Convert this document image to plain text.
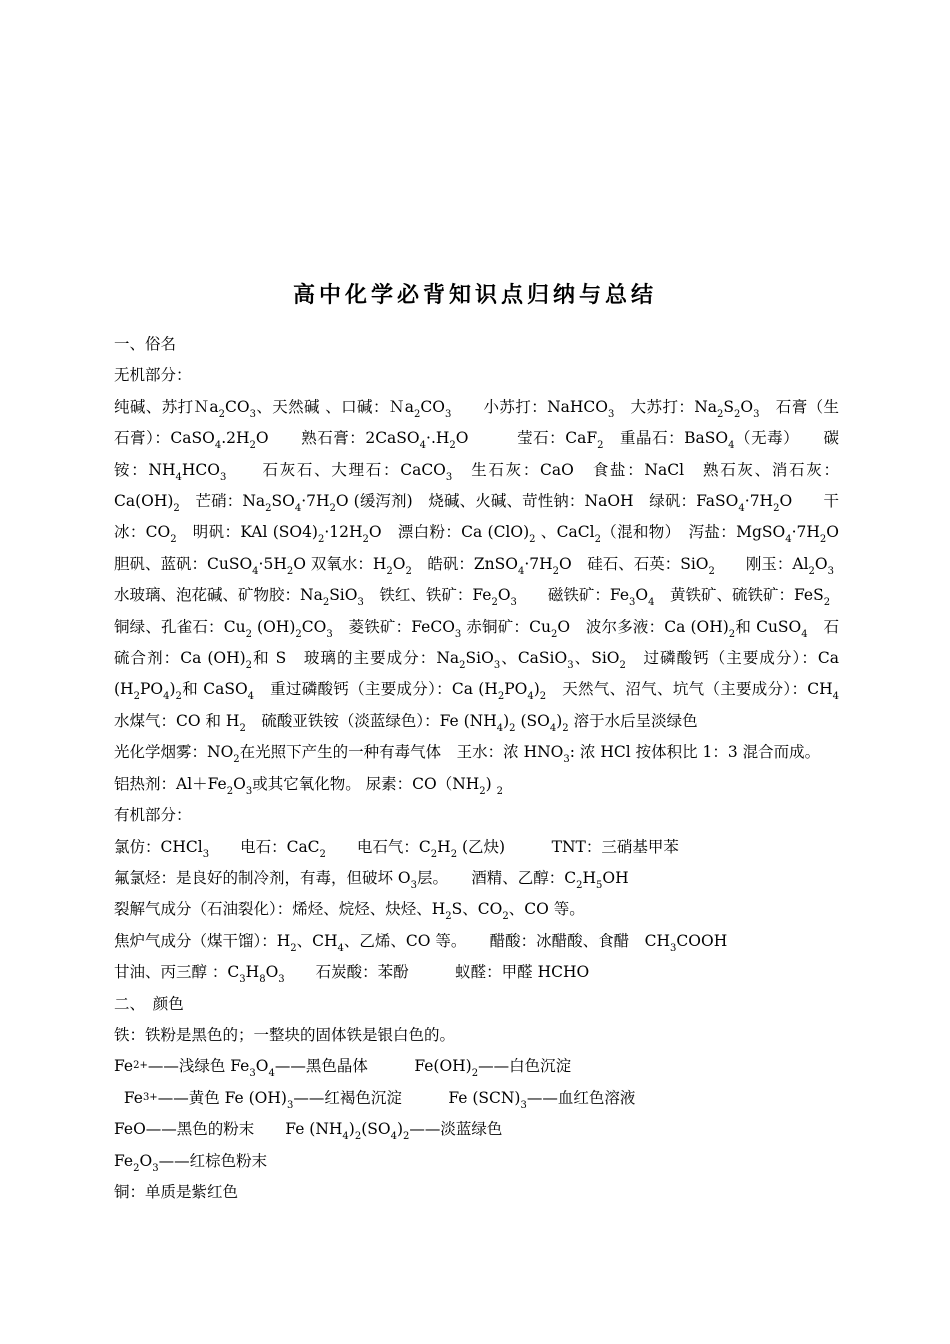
高中化学必背知识点归纳与总结

一、俗名

无机部分：

纯碱、苏打$Na_2CO_3$、天然碱 、口碱：$Na_2CO_3$　　小苏打：NaHCO$_3$　大苏打：$Na_2S_2O_3$　石膏（生石膏）：$CaSO_4.2H_2O$　　熟石膏：$2CaSO_4\cdot.H_2O$　　　莹石：CaF$_2$　重晶石：BaSO$_4$（无毒）　　碳铵：$NH_4HCO_3$　　石灰石、大理石：CaCO$_3$　生石灰：CaO　食盐：NaCl　熟石灰、消石灰：$Ca(OH)_2$　芒硝：$Na_2SO_4\cdot 7H_2O$ (缓泻剂)　烧碱、火碱、苛性钠：NaOH　绿矾：$FaSO_4\cdot 7H_2O$　　干冰：$CO_2$　明矾：KAl $(SO4)_2\cdot 12H_2O$　漂白粉：Ca $(ClO)_2$ 、CaCl$_2$（混和物）　泻盐：$MgSO_4\cdot 7H_2O$　　胆矾、蓝矾：$CuSO_4\cdot 5H_2O$ 双氧水：$H_2O_2$　皓矾：$ZnSO_4\cdot 7H_2O$　硅石、石英：SiO$_2$　　刚玉：$Al_2O_3$　水玻璃、泡花碱、矿物胶：$Na_2SiO_3$　铁红、铁矿：$Fe_2O_3$　　磁铁矿：$Fe_3O_4$　黄铁矿、硫铁矿：FeS$_2$　铜绿、孔雀石：$Cu_2$ $(OH)_2CO_3$　菱铁矿：FeCO$_3$ 赤铜矿：$Cu_2O$　波尔多液：Ca $(OH)_2$和 CuSO$_4$　石硫合剂：Ca $(OH)_2$和 S　玻璃的主要成分：$Na_2SiO_3$、CaSiO$_3$、SiO$_2$　过磷酸钙（主要成分）：Ca $(H_2PO_4)_2$和 CaSO$_4$　重过磷酸钙（主要成分）：Ca $(H_2PO_4)_2$　天然气、沼气、坑气（主要成分）：$CH_4$ 水煤气：CO 和 $H_2$　硫酸亚铁铵（淡蓝绿色）：Fe $(NH_4)_2$ $(SO_4)_2$ 溶于水后呈淡绿色

光化学烟雾：$NO_2$在光照下产生的一种有毒气体　王水：浓 $HNO_3$: 浓 HCl 按体积比 1：3 混合而成。

铝热剂：$Al+Fe_2O_3$或其它氧化物。 尿素：$CO(NH_2)$ $_2$

有机部分：

氯仿：CHCl$_3$　　电石：CaC$_2$　　电石气：$C_2H_2$ (乙炔)　　　TNT：三硝基甲苯

氟氯烃：是良好的制冷剂，有毒，但破坏 $O_3$层。　　酒精、乙醇：$C_2H_5OH$

裂解气成分（石油裂化）：烯烃、烷烃、炔烃、$H_2S$、$CO_2$、CO 等。

焦炉气成分（煤干馏）：$H_2$、$CH_4$、乙烯、CO 等。　　醋酸：冰醋酸、食醋　$CH_3COOH$

甘油、丙三醇 ：$C_3H_8O_3$　　石炭酸：苯酚　　　蚁醛：甲醛 HCHO

二、　颜色

铁：铁粉是黑色的；一整块的固体铁是银白色的。

$Fe^{2+}——$浅绿色 $Fe_3O_4——$黑色晶体　　　$Fe(OH)_2——$白色沉淀

$Fe^{3+}——$黄色 Fe $(OH)_3——$红褐色沉淀　　　Fe $(SCN)_3——$血红色溶液

FeO——黑色的粉末　　Fe $(NH_4)_2(SO_4)_2——$淡蓝绿色

$Fe_2O_3——$红棕色粉末

铜：单质是紫红色
